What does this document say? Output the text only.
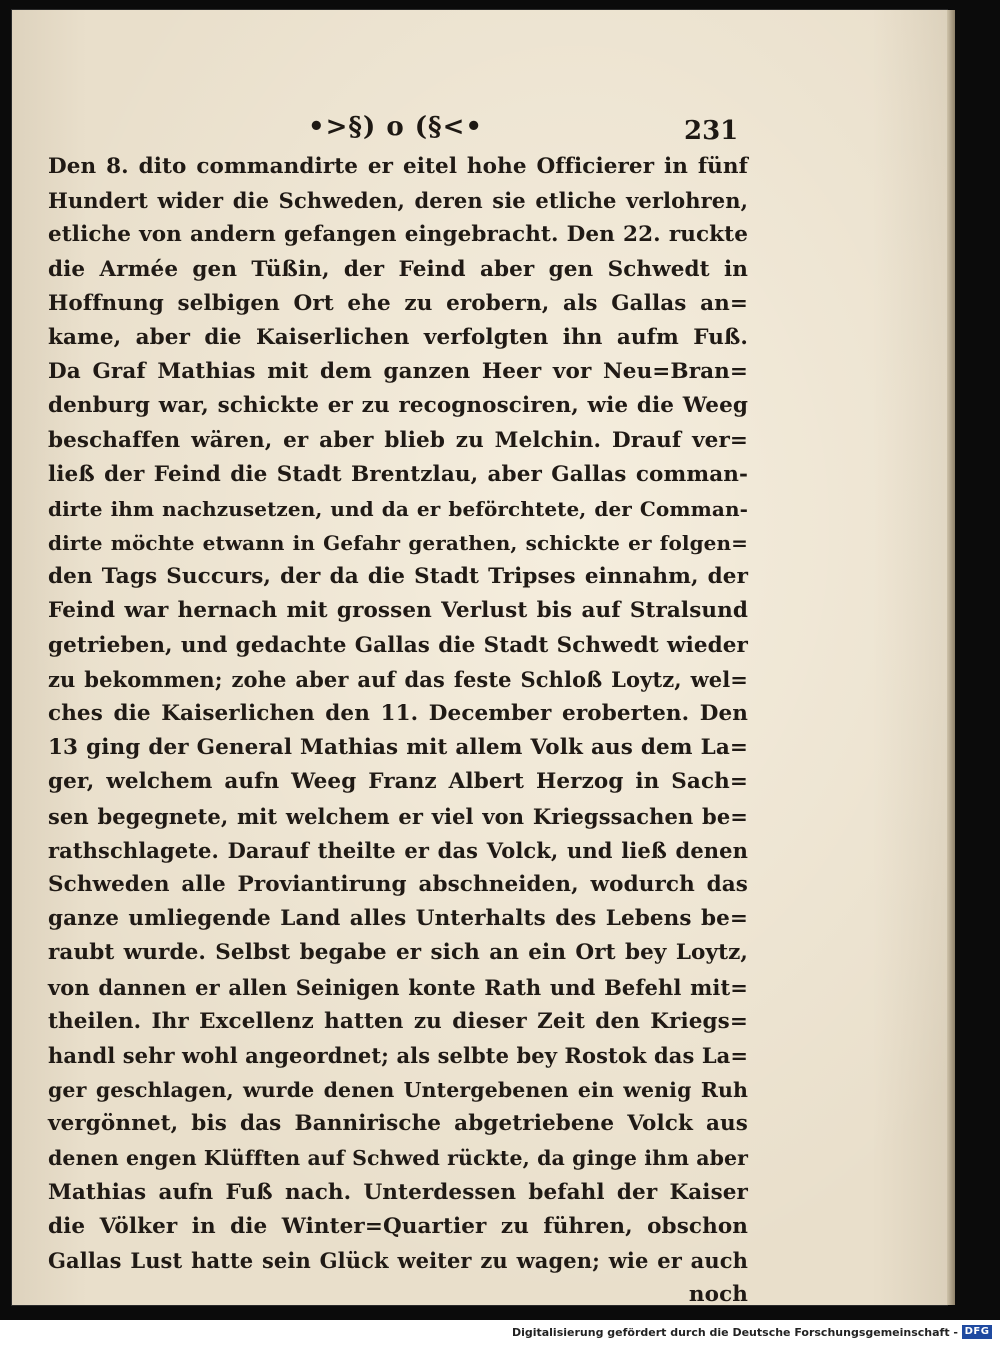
•>§) o (§<•	231
Den 8. dito commandirte er eitel hohe Officierer in fünf
Hundert wider die Schweden, deren sie etliche verlohren,
etliche von andern gefangen eingebracht. Den 22. ruckte
die Armée gen Tüßin, der Feind aber gen Schwedt in
Hoffnung selbigen Ort ehe zu erobern, als Gallas an=
kame, aber die Kaiserlichen verfolgten ihn aufm Fuß.
Da Graf Mathias mit dem ganzen Heer vor Neu=Bran=
denburg war, schickte er zu recognosciren, wie die Weeg
beschaffen wären, er aber blieb zu Melchin. Drauf ver=
ließ der Feind die Stadt Brentzlau, aber Gallas comman-
dirte ihm nachzusetzen, und da er beförchtete, der Comman-
dirte möchte etwann in Gefahr gerathen, schickte er folgen=
den Tags Succurs, der da die Stadt Tripses einnahm, der
Feind war hernach mit grossen Verlust bis auf Stralsund
getrieben, und gedachte Gallas die Stadt Schwedt wieder
zu bekommen; zohe aber auf das feste Schloß Loytz, wel=
ches die Kaiserlichen den 11. December eroberten. Den
13 ging der General Mathias mit allem Volk aus dem La=
ger, welchem aufn Weeg Franz Albert Herzog in Sach=
sen begegnete, mit welchem er viel von Kriegssachen be=
rathschlagete. Darauf theilte er das Volck, und ließ denen
Schweden alle Proviantirung abschneiden, wodurch das
ganze umliegende Land alles Unterhalts des Lebens be=
raubt wurde. Selbst begabe er sich an ein Ort bey Loytz,
von dannen er allen Seinigen konte Rath und Befehl mit=
theilen. Ihr Excellenz hatten zu dieser Zeit den Kriegs=
handl sehr wohl angeordnet; als selbte bey Rostok das La=
ger geschlagen, wurde denen Untergebenen ein wenig Ruh
vergönnet, bis das Bannirische abgetriebene Volck aus
denen engen Klüfften auf Schwed rückte, da ginge ihm aber
Mathias aufn Fuß nach. Unterdessen befahl der Kaiser
die Völker in die Winter=Quartier zu führen, obschon
Gallas Lust hatte sein Glück weiter zu wagen; wie er auch
noch
Digitalisierung gefördert durch die Deutsche Forschungsgemeinschaft - DFG
